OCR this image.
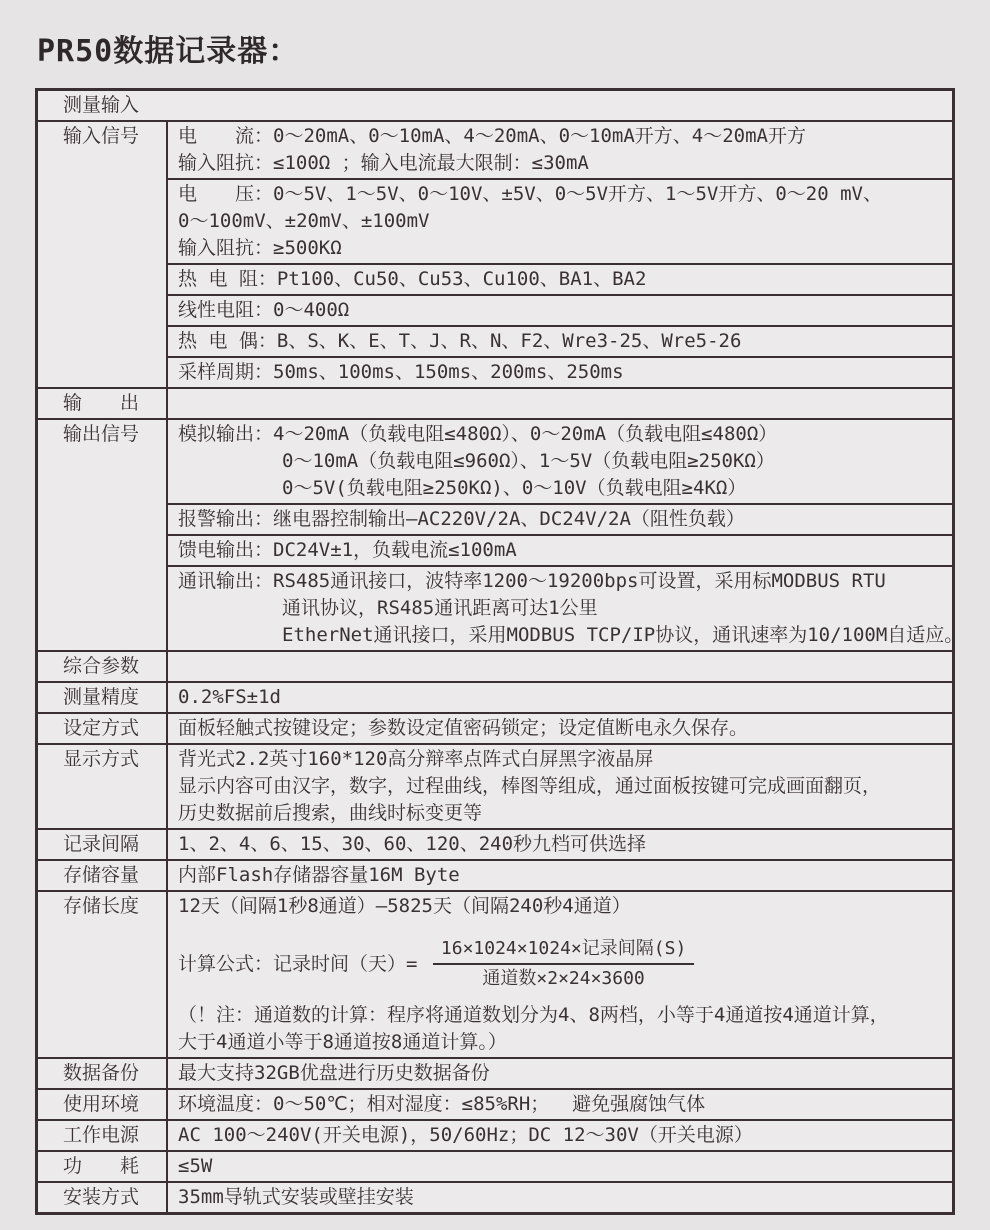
PR50数据记录器：
测量输入
输入信号	电　　流：0～20mA、0～10mA、4～20mA、0～10mA开方、4～20mA开方
输入阻抗：≤100Ω ；输入电流最大限制：≤30mA
电　　压：0～5V、1～5V、0～10V、±5V、0～5V开方、1～5V开方、0～20 mV、
0～100mV、±20mV、±100mV
输入阻抗：≥500KΩ
热 电 阻：Pt100、Cu50、Cu53、Cu100、BA1、BA2
线性电阻：0～400Ω
热 电 偶：B、S、K、E、T、J、R、N、F2、Wre3-25、Wre5-26
采样周期：50ms、100ms、150ms、200ms、250ms
输　　出
输出信号	模拟输出：4～20mA（负载电阻≤480Ω）、0～20mA（负载电阻≤480Ω）
0～10mA（负载电阻≤960Ω）、1～5V（负载电阻≥250KΩ）
0～5V(负载电阻≥250KΩ)、0～10V（负载电阻≥4KΩ）
报警输出：继电器控制输出—AC220V/2A、DC24V/2A（阻性负载）
馈电输出：DC24V±1，负载电流≤100mA
通讯输出：RS485通讯接口，波特率1200～19200bps可设置，采用标MODBUS RTU
通讯协议，RS485通讯距离可达1公里
EtherNet通讯接口，采用MODBUS TCP/IP协议，通讯速率为10/100M自适应。
综合参数
测量精度	0.2%FS±1d
设定方式	面板轻触式按键设定；参数设定值密码锁定；设定值断电永久保存。
显示方式	背光式2.2英寸160*120高分辩率点阵式白屏黑字液晶屏
显示内容可由汉字，数字，过程曲线，棒图等组成，通过面板按键可完成画面翻页，
历史数据前后搜索，曲线时标变更等
记录间隔	1、2、4、6、15、30、60、120、240秒九档可供选择
存储容量	内部Flash存储器容量16M Byte
存储长度	12天（间隔1秒8通道）—5825天（间隔240秒4通道）
计算公式：记录时间（天）= $\frac{\text{16×1024×1024×记录间隔(S)}}{\text{通道数×2×24×3600}}$
（！注：通道数的计算：程序将通道数划分为4、8两档，小等于4通道按4通道计算，
大于4通道小等于8通道按8通道计算。）
数据备份	最大支持32GB优盘进行历史数据备份
使用环境	环境温度：0～50℃；相对湿度：≤85%RH；  避免强腐蚀气体
工作电源	AC 100～240V(开关电源)，50/60Hz；DC 12～30V（开关电源）
功　　耗	≤5W
安装方式	35mm导轨式安装或壁挂安装
